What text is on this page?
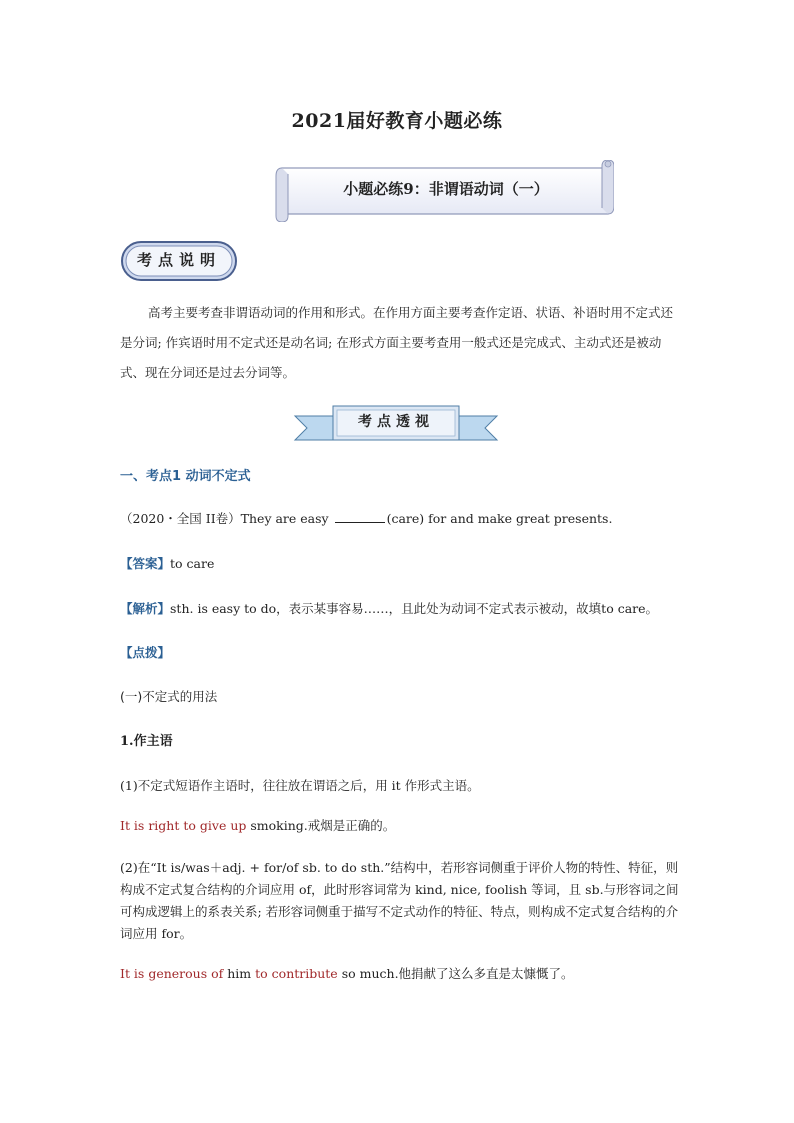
2021届好教育小题必练
小题必练9：非谓语动词（一）
考点说明
高考主要考查非谓语动词的作用和形式。在作用方面主要考查作定语、状语、补语时用不定式还是分词; 作宾语时用不定式还是动名词; 在形式方面主要考查用一般式还是完成式、主动式还是被动式、现在分词还是过去分词等。
考点透视
一、考点1 动词不定式
（2020・全国 II卷）They are easy	(care) for and make great presents.
【答案】to care
【解析】sth. is easy to do，表示某事容易……，且此处为动词不定式表示被动，故填to care。
【点拨】
(一)不定式的用法
1.作主语
(1)不定式短语作主语时，往往放在谓语之后，用 it 作形式主语。
It is right to give up smoking.戒烟是正确的。
(2)在“It is/was＋adj. + for/of sb. to do sth.”结构中，若形容词侧重于评价人物的特性、特征，则构成不定式复合结构的介词应用 of，此时形容词常为 kind, nice, foolish 等词，且 sb.与形容词之间可构成逻辑上的系表关系; 若形容词侧重于描写不定式动作的特征、特点，则构成不定式复合结构的介词应用 for。
It is generous of him to contribute so much.他捐献了这么多直是太慷慨了。
